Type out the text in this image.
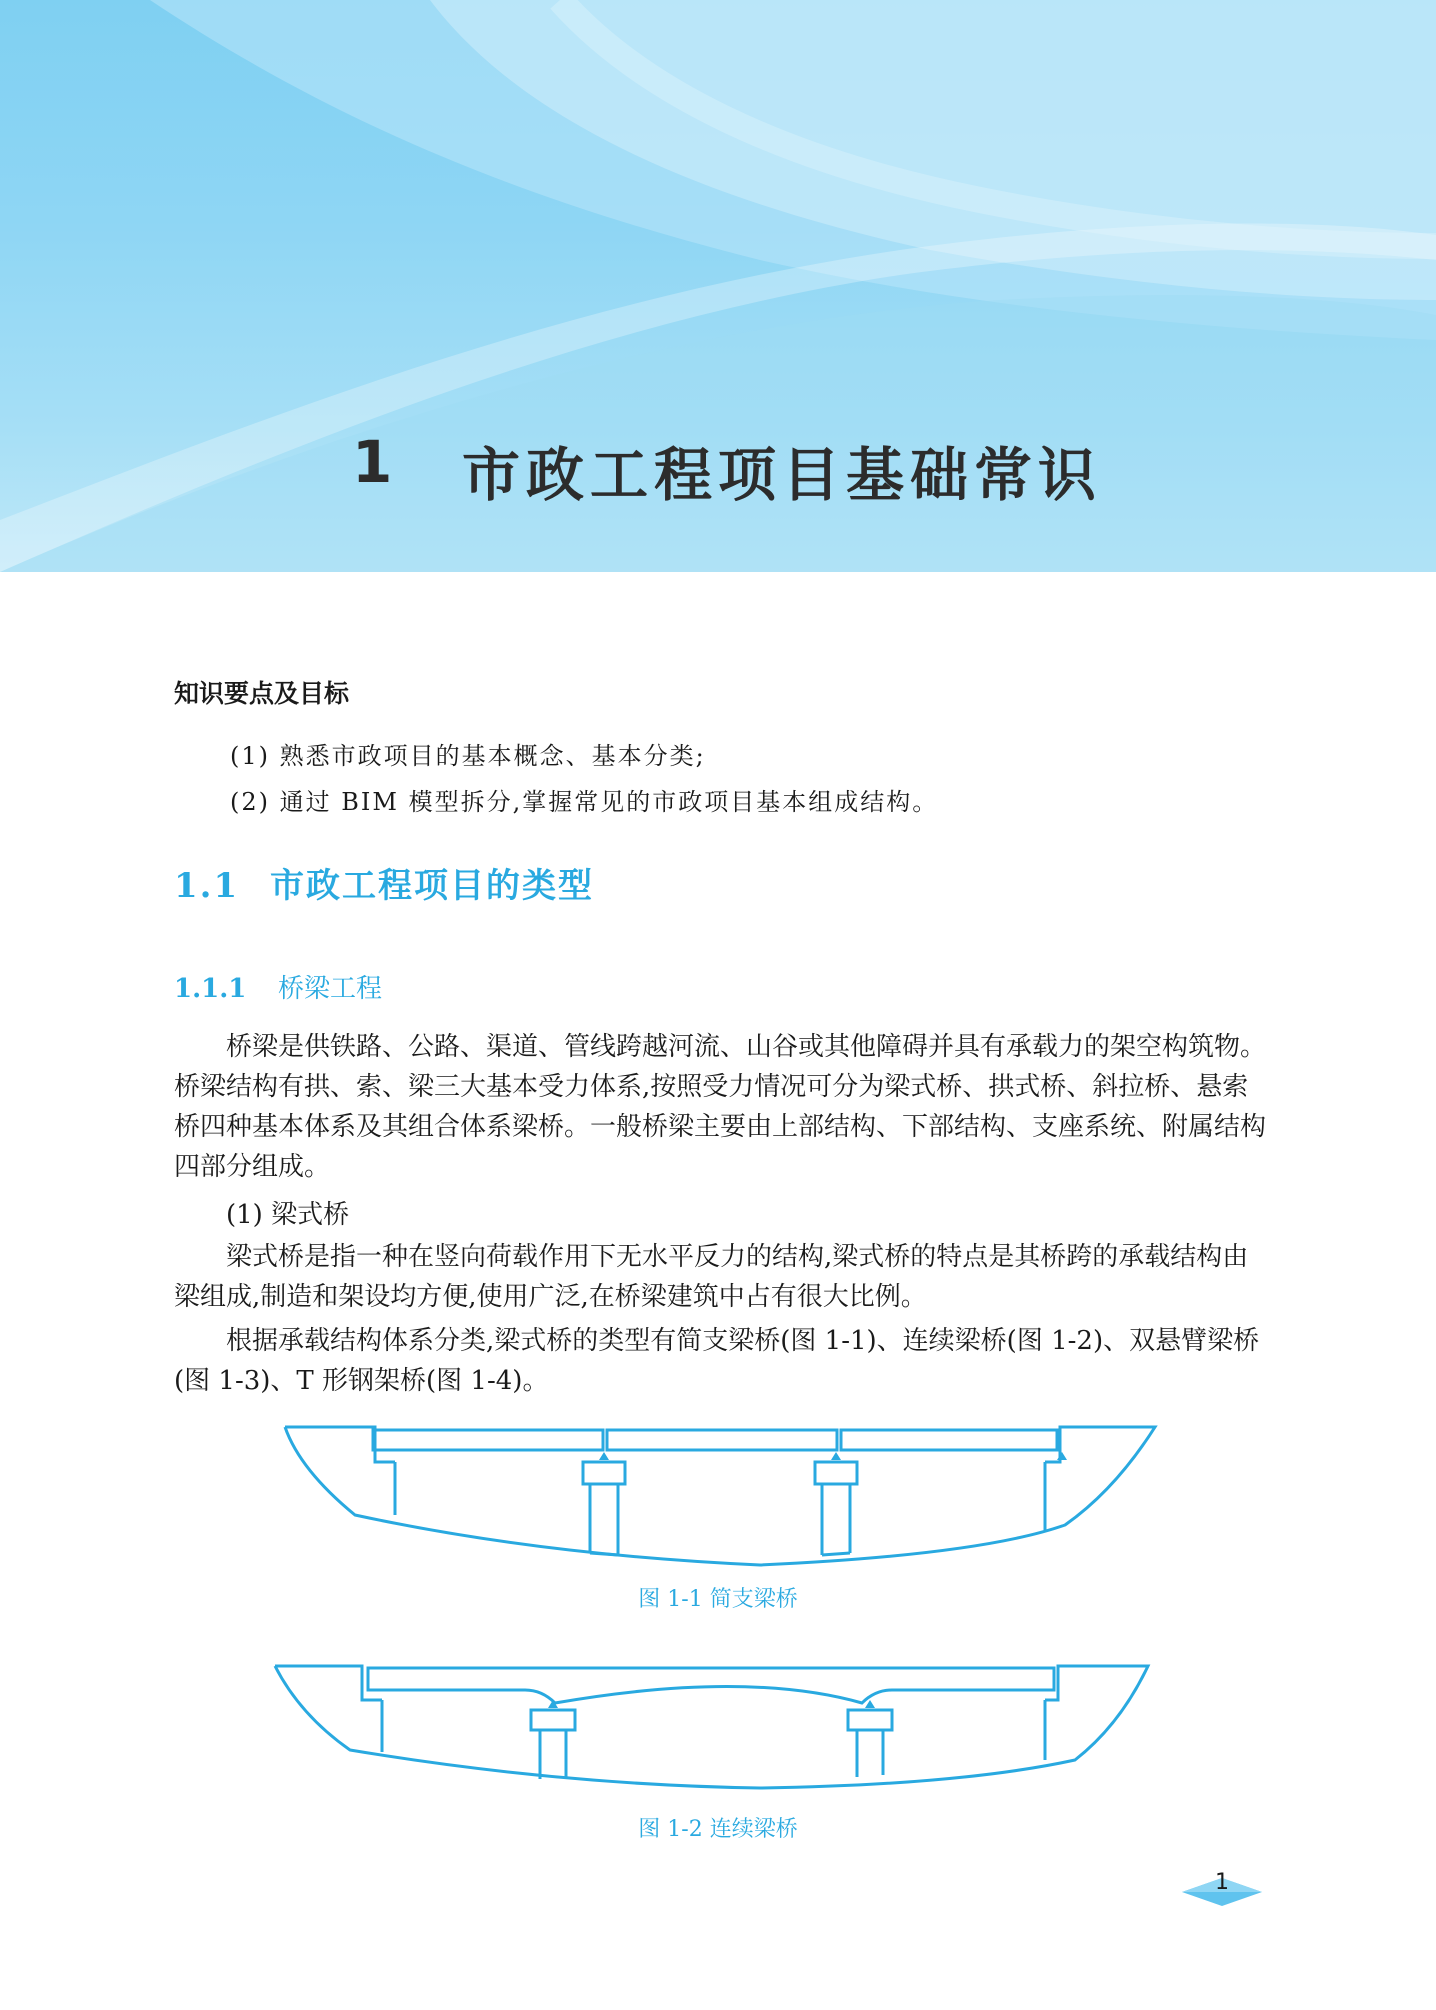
1 市政工程项目基础常识
知识要点及目标
(1) 熟悉市政项目的基本概念、基本分类;
(2) 通过 BIM 模型拆分,掌握常见的市政项目基本组成结构。
1.1 市政工程项目的类型
1.1.1 桥梁工程
桥梁是供铁路、公路、渠道、管线跨越河流、山谷或其他障碍并具有承载力的架空构筑物。桥梁结构有拱、索、梁三大基本受力体系,按照受力情况可分为梁式桥、拱式桥、斜拉桥、悬索桥四种基本体系及其组合体系梁桥。一般桥梁主要由上部结构、下部结构、支座系统、附属结构四部分组成。
(1) 梁式桥
梁式桥是指一种在竖向荷载作用下无水平反力的结构,梁式桥的特点是其桥跨的承载结构由梁组成,制造和架设均方便,使用广泛,在桥梁建筑中占有很大比例。
根据承载结构体系分类,梁式桥的类型有简支梁桥(图 1-1)、连续梁桥(图 1-2)、双悬臂梁桥(图 1-3)、T 形钢架桥(图 1-4)。
图 1-1 简支梁桥
图 1-2 连续梁桥
1
